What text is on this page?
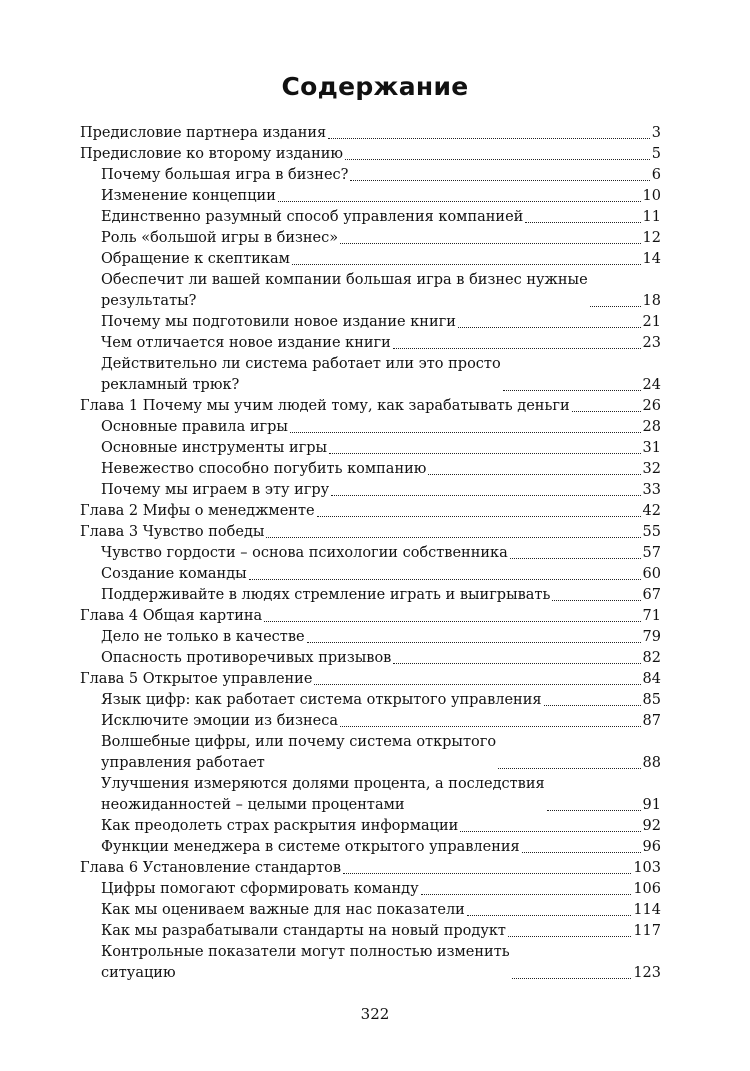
Содержание
Предисловие партнера издания	3
Предисловие ко второму изданию	5
Почему большая игра в бизнес?	6
Изменение концепции	10
Единственно разумный способ управления компанией	11
Роль «большой игры в бизнес»	12
Обращение к скептикам	14
Обеспечит ли вашей компании большая игра в бизнес нужные
результаты?	18
Почему мы подготовили новое издание книги	21
Чем отличается новое издание книги	23
Действительно ли система работает или это просто
рекламный трюк?	24
Глава 1 Почему мы учим людей тому, как зарабатывать деньги	26
Основные правила игры	28
Основные инструменты игры	31
Невежество способно погубить компанию	32
Почему мы играем в эту игру	33
Глава 2 Мифы о менеджменте	42
Глава 3 Чувство победы	55
Чувство гордости – основа психологии собственника	57
Создание команды	60
Поддерживайте в людях стремление играть и выигрывать	67
Глава 4 Общая картина	71
Дело не только в качестве	79
Опасность противоречивых призывов	82
Глава 5 Открытое управление	84
Язык цифр: как работает система открытого управления	85
Исключите эмоции из бизнеса	87
Волшебные цифры, или почему система открытого
управления работает	88
Улучшения измеряются долями процента, а последствия
неожиданностей – целыми процентами	91
Как преодолеть страх раскрытия информации	92
Функции менеджера в системе открытого управления	96
Глава 6 Установление стандартов	103
Цифры помогают сформировать команду	106
Как мы оцениваем важные для нас показатели	114
Как мы разрабатывали стандарты на новый продукт	117
Контрольные показатели могут полностью изменить
ситуацию	123
322
